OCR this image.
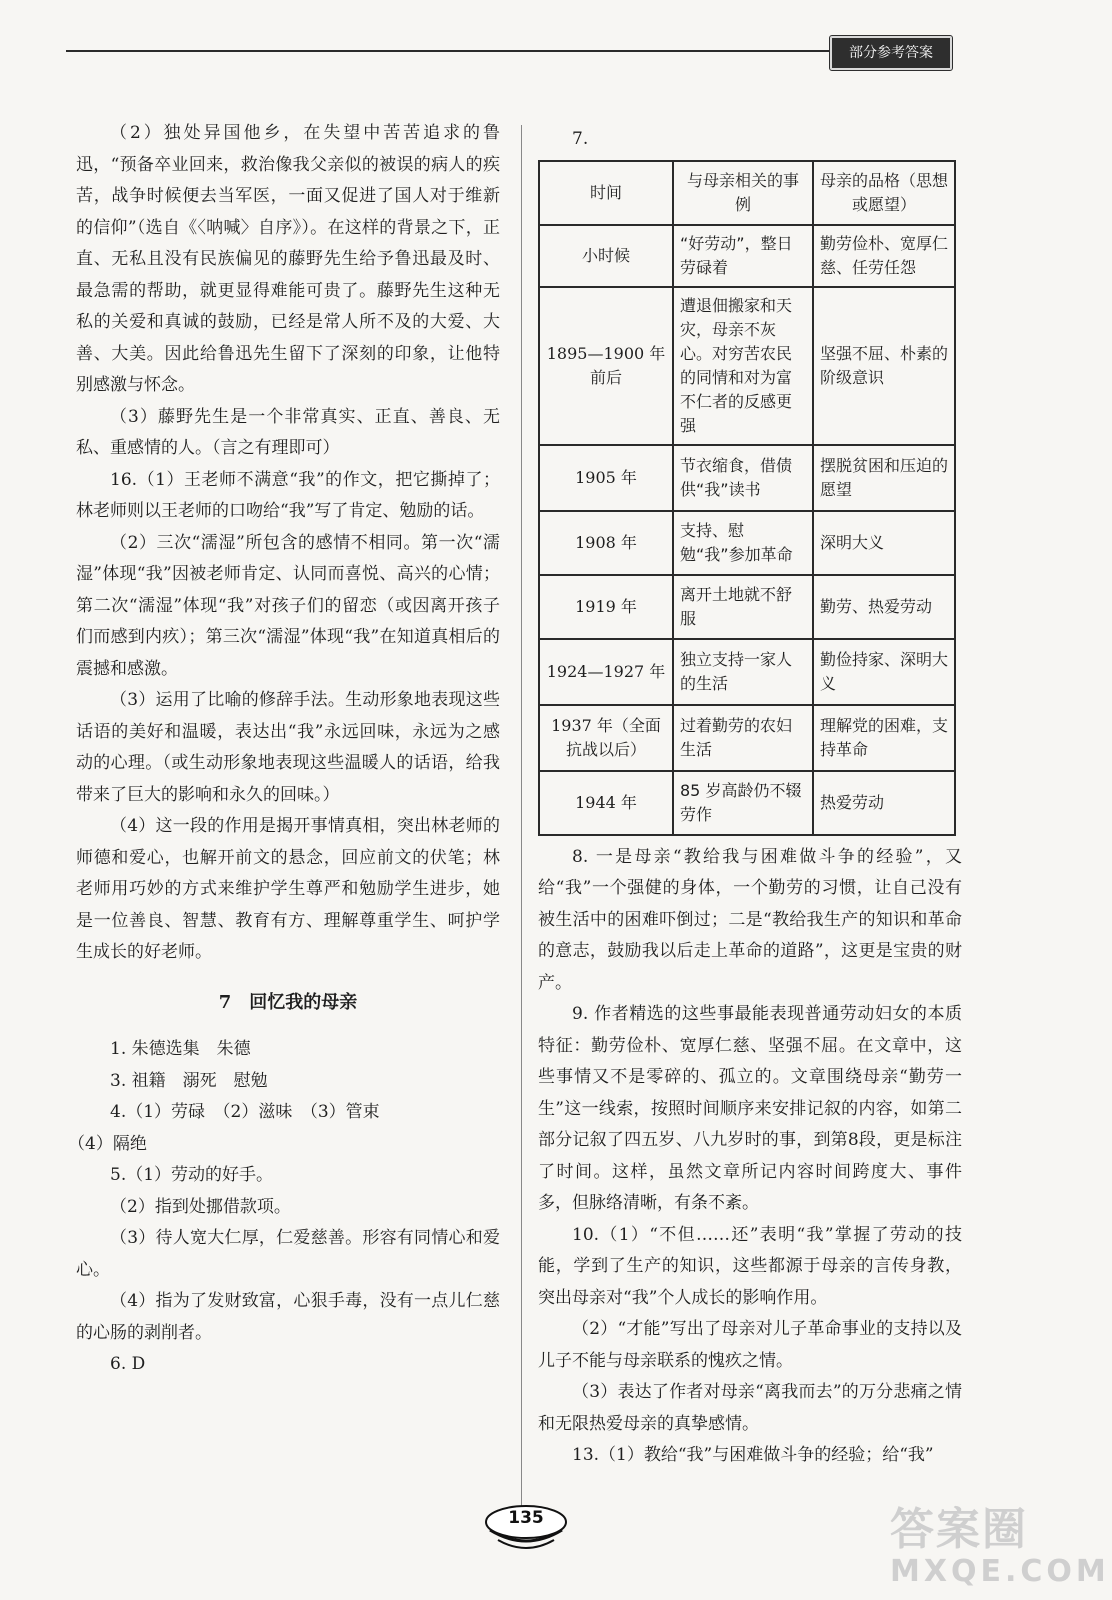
部分参考答案

（2）独处异国他乡，在失望中苦苦追求的鲁迅，“预备卒业回来，救治像我父亲似的被误的病人的疾苦，战争时候便去当军医，一面又促进了国人对于维新的信仰”（选自《〈呐喊〉自序》）。在这样的背景之下，正直、无私且没有民族偏见的藤野先生给予鲁迅最及时、最急需的帮助，就更显得难能可贵了。藤野先生这种无私的关爱和真诚的鼓励，已经是常人所不及的大爱、大善、大美。因此给鲁迅先生留下了深刻的印象，让他特别感激与怀念。

（3）藤野先生是一个非常真实、正直、善良、无私、重感情的人。（言之有理即可）

16.（1）王老师不满意“我”的作文，把它撕掉了；林老师则以王老师的口吻给“我”写了肯定、勉励的话。

（2）三次“濡湿”所包含的感情不相同。第一次“濡湿”体现“我”因被老师肯定、认同而喜悦、高兴的心情；第二次“濡湿”体现“我”对孩子们的留恋（或因离开孩子们而感到内疚）；第三次“濡湿”体现“我”在知道真相后的震撼和感激。

（3）运用了比喻的修辞手法。生动形象地表现这些话语的美好和温暖，表达出“我”永远回味，永远为之感动的心理。（或生动形象地表现这些温暖人的话语，给我带来了巨大的影响和永久的回味。）

（4）这一段的作用是揭开事情真相，突出林老师的师德和爱心，也解开前文的悬念，回应前文的伏笔；林老师用巧妙的方式来维护学生尊严和勉励学生进步，她是一位善良、智慧、教育有方、理解尊重学生、呵护学生成长的好老师。

7　回忆我的母亲

1. 朱德选集　朱德

3. 祖籍　溺死　慰勉

4.（1）劳碌　（2）滋味　（3）管束

（4）隔绝

5.（1）劳动的好手。

（2）指到处挪借款项。

（3）待人宽大仁厚，仁爱慈善。形容有同情心和爱心。

（4）指为了发财致富，心狠手毒，没有一点儿仁慈的心肠的剥削者。

6. D

7.
时间	与母亲相关的事例	母亲的品格（思想或愿望）
小时候	“好劳动”，整日劳碌着	勤劳俭朴、宽厚仁慈、任劳任怨
1895—1900 年前后	遭退佃搬家和天灾，母亲不灰心。对穷苦农民的同情和对为富不仁者的反感更强	坚强不屈、朴素的阶级意识
1905 年	节衣缩食，借债供“我”读书	摆脱贫困和压迫的愿望
1908 年	支持、慰勉“我”参加革命	深明大义
1919 年	离开土地就不舒服	勤劳、热爱劳动
1924—1927 年	独立支持一家人的生活	勤俭持家、深明大义
1937 年（全面抗战以后）	过着勤劳的农妇生活	理解党的困难，支持革命
1944 年	85 岁高龄仍不辍劳作	热爱劳动

8. 一是母亲“教给我与困难做斗争的经验”，又给“我”一个强健的身体，一个勤劳的习惯，让自己没有被生活中的困难吓倒过；二是“教给我生产的知识和革命的意志，鼓励我以后走上革命的道路”，这更是宝贵的财产。

9. 作者精选的这些事最能表现普通劳动妇女的本质特征：勤劳俭朴、宽厚仁慈、坚强不屈。在文章中，这些事情又不是零碎的、孤立的。文章围绕母亲“勤劳一生”这一线索，按照时间顺序来安排记叙的内容，如第二部分记叙了四五岁、八九岁时的事，到第8段，更是标注了时间。这样，虽然文章所记内容时间跨度大、事件多，但脉络清晰，有条不紊。

10.（1）“不但……还”表明“我”掌握了劳动的技能，学到了生产的知识，这些都源于母亲的言传身教，突出母亲对“我”个人成长的影响作用。

（2）“才能”写出了母亲对儿子革命事业的支持以及儿子不能与母亲联系的愧疚之情。

（3）表达了作者对母亲“离我而去”的万分悲痛之情和无限热爱母亲的真挚感情。

13.（1）教给“我”与困难做斗争的经验；给“我”

135	答案圈
MXQE.COM
